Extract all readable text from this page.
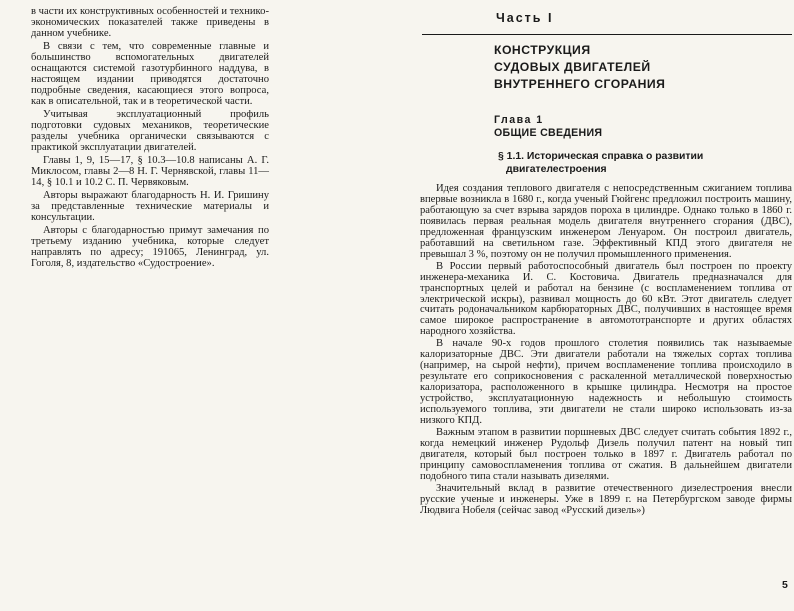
в части их конструктивных особенностей и технико-экономических показателей также приведены в данном учебнике.

В связи с тем, что современные главные и большинство вспомогательных двигателей оснащаются системой газотурбинного наддува, в настоящем издании приводятся достаточно подробные сведения, касающиеся этого вопроса, как в описательной, так и в теоретической части.

Учитывая эксплуатационный профиль подготовки судовых механиков, теоретические разделы учебника органически связываются с практикой эксплуатации двигателей.

Главы 1, 9, 15—17, § 10.3—10.8 написаны А. Г. Миклосом, главы 2—8 Н. Г. Чернявской, главы 11—14, § 10.1 и 10.2 С. П. Червяковым.

Авторы выражают благодарность Н. И. Гришину за представленные технические материалы и консультации.

Авторы с благодарностью примут замечания по третьему изданию учебника, которые следует направлять по адресу; 191065, Ленинград, ул. Гоголя, 8, издательство «Судостроение».

Часть I
КОНСТРУКЦИЯ
СУДОВЫХ ДВИГАТЕЛЕЙ
ВНУТРЕННЕГО СГОРАНИЯ
Глава 1
ОБЩИЕ СВЕДЕНИЯ
§ 1.1. Историческая справка о развитии
двигателестроения

Идея создания теплового двигателя с непосредственным сжиганием топлива впервые возникла в 1680 г., когда ученый Гюйгенс предложил построить машину, работающую за счет взрыва зарядов пороха в цилиндре. Однако только в 1860 г. появилась первая реальная модель двигателя внутреннего сгорания (ДВС), предложенная французским инженером Ленуаром. Он построил двигатель, работавший на светильном газе. Эффективный КПД этого двигателя не превышал 3 %, поэтому он не получил промышленного применения.

В России первый работоспособный двигатель был построен по проекту инженера-механика И. С. Костовича. Двигатель предназначался для транспортных целей и работал на бензине (с воспламенением топлива от электрической искры), развивал мощность до 60 кВт. Этот двигатель следует считать родоначальником карбюраторных ДВС, получивших в настоящее время самое широкое распространение в автомототранспорте и других областях народного хозяйства.

В начале 90-х годов прошлого столетия появились так называемые калоризаторные ДВС. Эти двигатели работали на тяжелых сортах топлива (например, на сырой нефти), причем воспламенение топлива происходило в результате его соприкосновения с раскаленной металлической поверхностью калоризатора, расположенного в крышке цилиндра. Несмотря на простое устройство, эксплуатационную надежность и небольшую стоимость используемого топлива, эти двигатели не стали широко использовать из-за низкого КПД.

Важным этапом в развитии поршневых ДВС следует считать события 1892 г., когда немецкий инженер Рудольф Дизель получил патент на новый тип двигателя, который был построен только в 1897 г. Двигатель работал по принципу самовоспламенения топлива от сжатия. В дальнейшем двигатели подобного типа стали называть дизелями.

Значительный вклад в развитие отечественного дизелестроения внесли русские ученые и инженеры. Уже в 1899 г. на Петербургском заводе фирмы Людвига Нобеля (сейчас завод «Русский дизель»)

5
